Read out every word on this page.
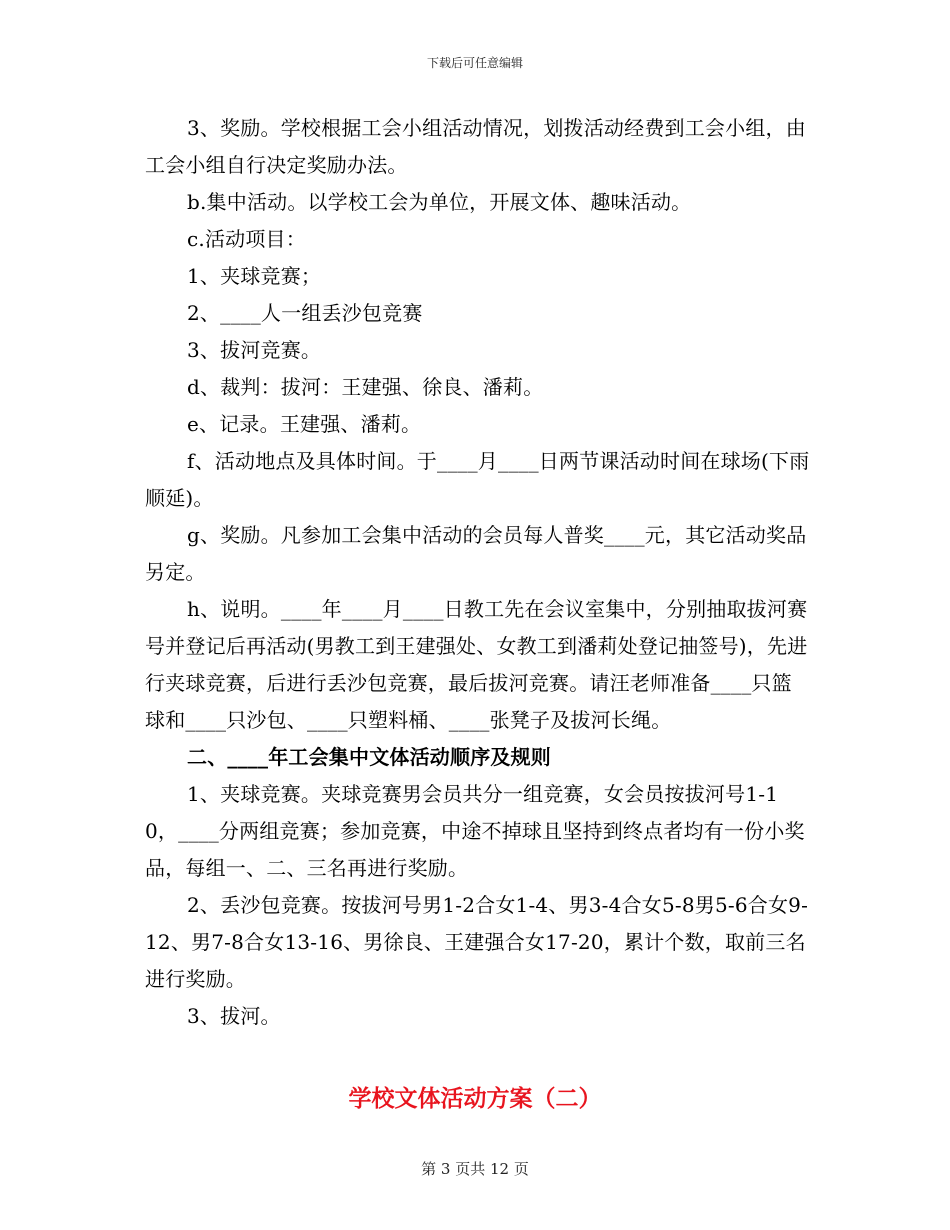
下载后可任意编辑

3、奖励。学校根据工会小组活动情况，划拨活动经费到工会小组，由工会小组自行决定奖励办法。

b.集中活动。以学校工会为单位，开展文体、趣味活动。

c.活动项目：

1、夹球竞赛；

2、____人一组丢沙包竞赛

3、拔河竞赛。

d、裁判：拔河：王建强、徐良、潘莉。

e、记录。王建强、潘莉。

f、活动地点及具体时间。于____月____日两节课活动时间在球场(下雨顺延)。

g、奖励。凡参加工会集中活动的会员每人普奖____元，其它活动奖品另定。

h、说明。____年____月____日教工先在会议室集中，分别抽取拔河赛号并登记后再活动(男教工到王建强处、女教工到潘莉处登记抽签号)，先进行夹球竞赛，后进行丢沙包竞赛，最后拔河竞赛。请汪老师准备____只篮球和____只沙包、____只塑料桶、____张凳子及拔河长绳。

二、____年工会集中文体活动顺序及规则

1、夹球竞赛。夹球竞赛男会员共分一组竞赛，女会员按拔河号1-10，____分两组竞赛；参加竞赛，中途不掉球且坚持到终点者均有一份小奖品，每组一、二、三名再进行奖励。

2、丢沙包竞赛。按拔河号男1-2合女1-4、男3-4合女5-8男5-6合女9-12、男7-8合女13-16、男徐良、王建强合女17-20，累计个数，取前三名进行奖励。

3、拔河。

学校文体活动方案（二）
第 3 页共 12 页
